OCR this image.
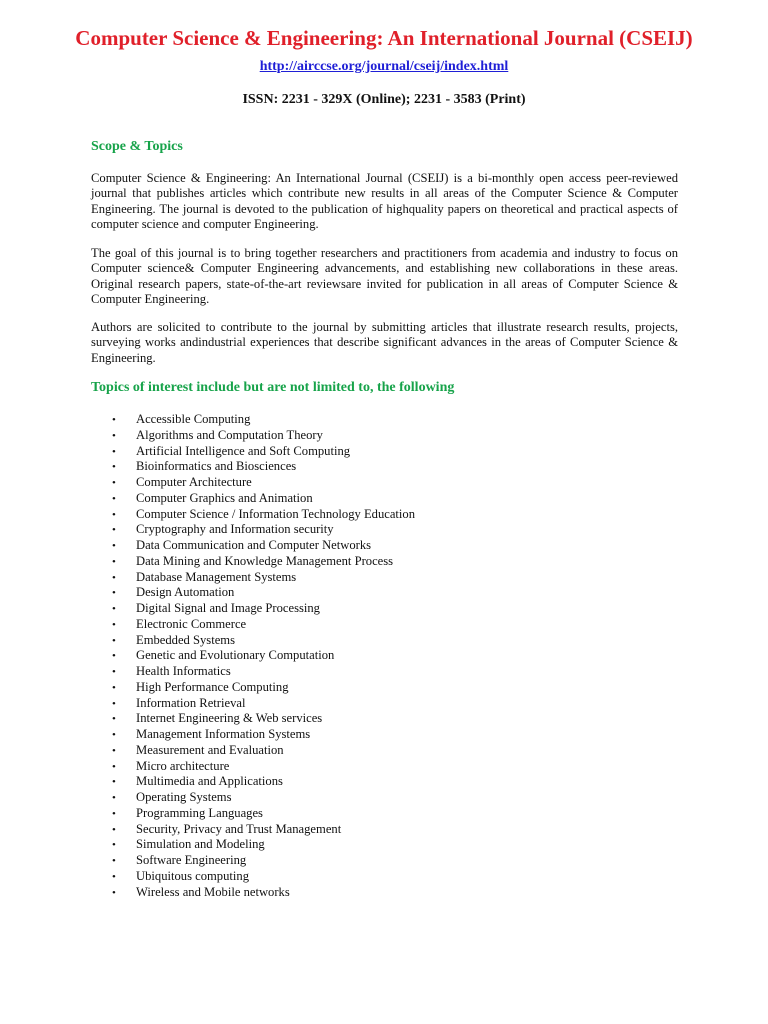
Computer Science & Engineering: An International Journal (CSEIJ)
http://airccse.org/journal/cseij/index.html
ISSN: 2231 - 329X (Online); 2231 - 3583 (Print)
Scope & Topics

Computer Science & Engineering: An International Journal (CSEIJ) is a bi-monthly open access peer-reviewed journal that publishes articles which contribute new results in all areas of the Computer Science & Computer Engineering. The journal is devoted to the publication of highquality papers on theoretical and practical aspects of computer science and computer Engineering.

The goal of this journal is to bring together researchers and practitioners from academia and industry to focus on Computer science& Computer Engineering advancements, and establishing new collaborations in these areas. Original research papers, state-of-the-art reviewsare invited for publication in all areas of Computer Science & Computer Engineering.

Authors are solicited to contribute to the journal by submitting articles that illustrate research results, projects, surveying works andindustrial experiences that describe significant advances in the areas of Computer Science & Engineering.

Topics of interest include but are not limited to, the following
• Accessible Computing
• Algorithms and Computation Theory
• Artificial Intelligence and Soft Computing
• Bioinformatics and Biosciences
• Computer Architecture
• Computer Graphics and Animation
• Computer Science / Information Technology Education
• Cryptography and Information security
• Data Communication and Computer Networks
• Data Mining and Knowledge Management Process
• Database Management Systems
• Design Automation
• Digital Signal and Image Processing
• Electronic Commerce
• Embedded Systems
• Genetic and Evolutionary Computation
• Health Informatics
• High Performance Computing
• Information Retrieval
• Internet Engineering & Web services
• Management Information Systems
• Measurement and Evaluation
• Micro architecture
• Multimedia and Applications
• Operating Systems
• Programming Languages
• Security, Privacy and Trust Management
• Simulation and Modeling
• Software Engineering
• Ubiquitous computing
• Wireless and Mobile networks
